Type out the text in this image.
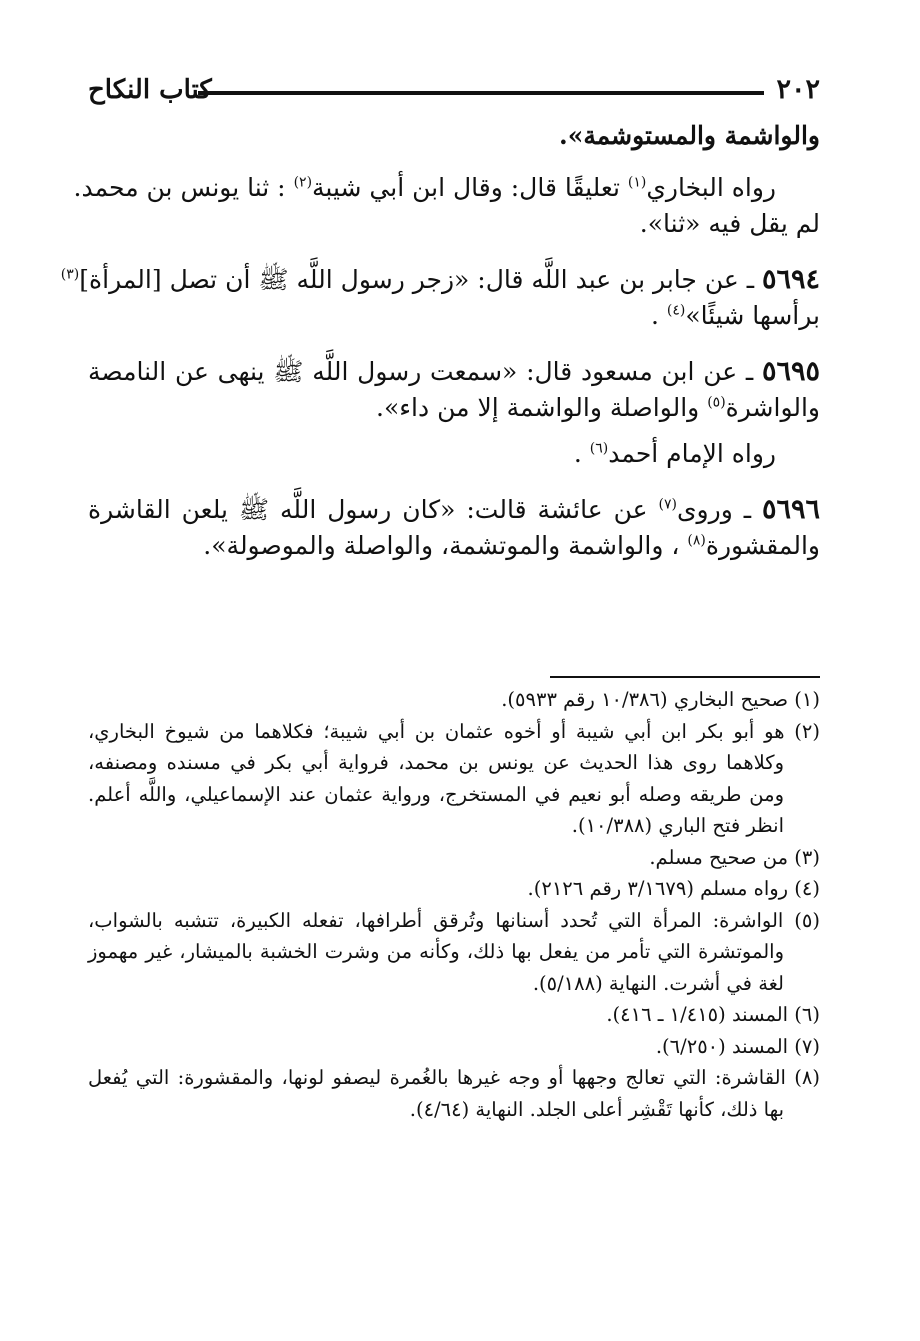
٢٠٢
كتاب النكاح

والواشمة والمستوشمة».

رواه البخاري$^{(١)}$ تعليقًا قال: وقال ابن أبي شيبة$^{(٢)}$ : ثنا يونس بن محمد.

لم يقل فيه «ثنا».

٥٦٩٤ ـ عن جابر بن عبد اللَّه قال: «زجر رسول اللَّه ﷺ أن تصل [المرأة]$^{(٣)}$

برأسها شيئًا»$^{(٤)}$ .

٥٦٩٥ ـ عن ابن مسعود قال: «سمعت رسول اللَّه ﷺ ينهى عن النامصة

والواشرة$^{(٥)}$ والواصلة والواشمة إلا من داء».

رواه الإمام أحمد$^{(٦)}$ .

٥٦٩٦ ـ وروى$^{(٧)}$ عن عائشة قالت: «كان رسول اللَّه ﷺ يلعن القاشرة

والمقشورة$^{(٨)}$ ، والواشمة والموتشمة، والواصلة والموصولة».

(١) صحيح البخاري (١٠/٣٨٦ رقم ٥٩٣٣).

(٢) هو أبو بكر ابن أبي شيبة أو أخوه عثمان بن أبي شيبة؛ فكلاهما من شيوخ البخاري،

وكلاهما روى هذا الحديث عن يونس بن محمد، فرواية أبي بكر في مسنده ومصنفه،

ومن طريقه وصله أبو نعيم في المستخرج، ورواية عثمان عند الإسماعيلي، واللَّه أعلم.

انظر فتح الباري (١٠/٣٨٨).

(٣) من صحيح مسلم.

(٤) رواه مسلم (٣/١٦٧٩ رقم ٢١٢٦).

(٥) الواشرة: المرأة التي تُحدد أسنانها وتُرقق أطرافها، تفعله الكبيرة، تتشبه بالشواب،

والموتشرة التي تأمر من يفعل بها ذلك، وكأنه من وشرت الخشبة بالميشار، غير مهموز

لغة في أشرت. النهاية (٥/١٨٨).

(٦) المسند (١/٤١٥ ـ ٤١٦).

(٧) المسند (٦/٢٥٠).

(٨) القاشرة: التي تعالج وجهها أو وجه غيرها بالغُمرة ليصفو لونها، والمقشورة: التي يُفعل

بها ذلك، كأنها تَقْشِر أعلى الجلد. النهاية (٤/٦٤).
